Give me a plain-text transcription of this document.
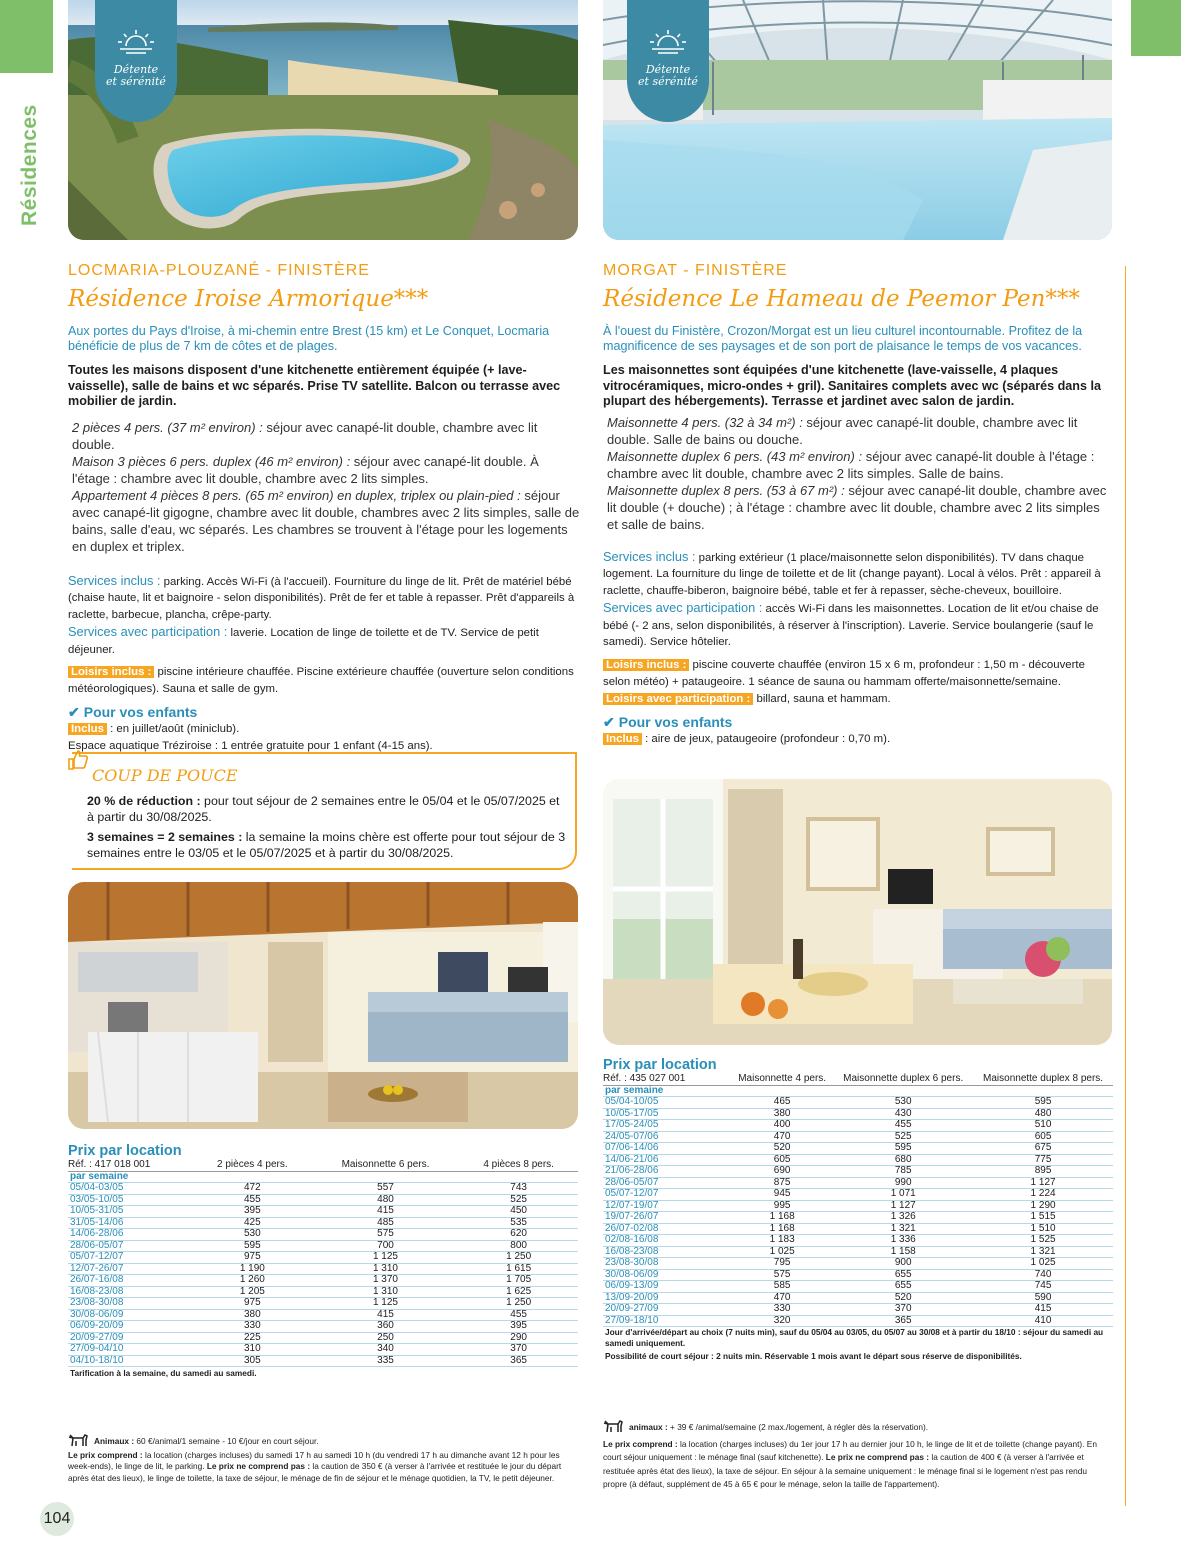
Résidences
Détente
et sérénité
Détente
et sérénité
LOCMARIA-PLOUZANÉ - FINISTÈRE
Résidence Iroise Armorique***

Aux portes du Pays d'Iroise, à mi-chemin entre Brest (15 km) et Le Conquet, Locmaria bénéficie de plus de 7 km de côtes et de plages.

Toutes les maisons disposent d'une kitchenette entièrement équipée (+ lave-vaisselle), salle de bains et wc séparés. Prise TV satellite. Balcon ou terrasse avec mobilier de jardin.

2 pièces 4 pers. (37 m² environ) : séjour avec canapé-lit double, chambre avec lit double.
Maison 3 pièces 6 pers. duplex (46 m² environ) : séjour avec canapé-lit double. À l'étage : chambre avec lit double, chambre avec 2 lits simples.
Appartement 4 pièces 8 pers. (65 m² environ) en duplex, triplex ou plain-pied : séjour avec canapé-lit gigogne, chambre avec lit double, chambres avec 2 lits simples, salle de bains, salle d'eau, wc séparés. Les chambres se trouvent à l'étage pour les logements en duplex et triplex.

Services inclus : parking. Accès Wi-Fi (à l'accueil). Fourniture du linge de lit. Prêt de matériel bébé (chaise haute, lit et baignoire - selon disponibilités). Prêt de fer et table à repasser. Prêt d'appareils à raclette, barbecue, plancha, crêpe-party.

Services avec participation : laverie. Location de linge de toilette et de TV. Service de petit déjeuner.

Loisirs inclus : piscine intérieure chauffée. Piscine extérieure chauffée (ouverture selon conditions météorologiques). Sauna et salle de gym.

✔ Pour vos enfants

Inclus : en juillet/août (miniclub).
Espace aquatique Tréziroise : 1 entrée gratuite pour 1 enfant (4-15 ans).

COUP DE POUCE

20 % de réduction : pour tout séjour de 2 semaines entre le 05/04 et le 05/07/2025 et à partir du 30/08/2025.

3 semaines = 2 semaines : la semaine la moins chère est offerte pour tout séjour de 3 semaines entre le 03/05 et le 05/07/2025 et à partir du 30/08/2025.

Prix par location
Réf. : 417 018 001	2 pièces 4 pers.	Maisonnette 6 pers.	4 pièces 8 pers.
par semaine			
05/04-03/05	472	557	743
03/05-10/05	455	480	525
10/05-31/05	395	415	450
31/05-14/06	425	485	535
14/06-28/06	530	575	620
28/06-05/07	595	700	800
05/07-12/07	975	1 125	1 250
12/07-26/07	1 190	1 310	1 615
26/07-16/08	1 260	1 370	1 705
16/08-23/08	1 205	1 310	1 625
23/08-30/08	975	1 125	1 250
30/08-06/09	380	415	455
06/09-20/09	330	360	395
20/09-27/09	225	250	290
27/09-04/10	310	340	370
04/10-18/10	305	335	365
Tarification à la semaine, du samedi au samedi.
Animaux : 60 €/animal/1 semaine - 10 €/jour en court séjour.
Le prix comprend : la location (charges incluses) du samedi 17 h au samedi 10 h (du vendredi 17 h au dimanche avant 12 h pour les week-ends), le linge de lit, le parking. Le prix ne comprend pas : la caution de 350 € (à verser à l'arrivée et restituée le jour du départ après état des lieux), le linge de toilette, la taxe de séjour, le ménage de fin de séjour et le ménage quotidien, la TV, le petit déjeuner.
MORGAT - FINISTÈRE
Résidence Le Hameau de Peemor Pen***

À l'ouest du Finistère, Crozon/Morgat est un lieu culturel incontournable. Profitez de la magnificence de ses paysages et de son port de plaisance le temps de vos vacances.

Les maisonnettes sont équipées d'une kitchenette (lave-vaisselle, 4 plaques vitrocéramiques, micro-ondes + gril). Sanitaires complets avec wc (séparés dans la plupart des hébergements). Terrasse et jardinet avec salon de jardin.

Maisonnette 4 pers. (32 à 34 m²) : séjour avec canapé-lit double, chambre avec lit double. Salle de bains ou douche.
Maisonnette duplex 6 pers. (43 m² environ) : séjour avec canapé-lit double à l'étage : chambre avec lit double, chambre avec 2 lits simples. Salle de bains.
Maisonnette duplex 8 pers. (53 à 67 m²) : séjour avec canapé-lit double, chambre avec lit double (+ douche) ; à l'étage : chambre avec lit double, chambre avec 2 lits simples et salle de bains.

Services inclus : parking extérieur (1 place/maisonnette selon disponibilités). TV dans chaque logement. La fourniture du linge de toilette et de lit (change payant). Local à vélos. Prêt : appareil à raclette, chauffe-biberon, baignoire bébé, table et fer à repasser, sèche-cheveux, bouilloire.

Services avec participation : accès Wi-Fi dans les maisonnettes. Location de lit et/ou chaise de bébé (- 2 ans, selon disponibilités, à réserver à l'inscription). Laverie. Service boulangerie (sauf le samedi). Service hôtelier.

Loisirs inclus : piscine couverte chauffée (environ 15 x 6 m, profondeur : 1,50 m - découverte selon météo) + pataugeoire. 1 séance de sauna ou hammam offerte/maisonnette/semaine.
Loisirs avec participation : billard, sauna et hammam.

✔ Pour vos enfants

Inclus : aire de jeux, pataugeoire (profondeur : 0,70 m).

Prix par location
Réf. : 435 027 001	Maisonnette 4 pers.	Maisonnette duplex 6 pers.	Maisonnette duplex 8 pers.
par semaine			
05/04-10/05	465	530	595
10/05-17/05	380	430	480
17/05-24/05	400	455	510
24/05-07/06	470	525	605
07/06-14/06	520	595	675
14/06-21/06	605	680	775
21/06-28/06	690	785	895
28/06-05/07	875	990	1 127
05/07-12/07	945	1 071	1 224
12/07-19/07	995	1 127	1 290
19/07-26/07	1 168	1 326	1 515
26/07-02/08	1 168	1 321	1 510
02/08-16/08	1 183	1 336	1 525
16/08-23/08	1 025	1 158	1 321
23/08-30/08	795	900	1 025
30/08-06/09	575	655	740
06/09-13/09	585	655	745
13/09-20/09	470	520	590
20/09-27/09	330	370	415
27/09-18/10	320	365	410
Jour d'arrivée/départ au choix (7 nuits min), sauf du 05/04 au 03/05, du 05/07 au 30/08 et à partir du 18/10 : séjour du samedi au samedi uniquement.
Possibilité de court séjour : 2 nuits min. Réservable 1 mois avant le départ sous réserve de disponibilités.
animaux : + 39 € /animal/semaine (2 max./logement, à régler dès la réservation).
Le prix comprend : la location (charges incluses) du 1er jour 17 h au dernier jour 10 h, le linge de lit et de toilette (change payant). En court séjour uniquement : le ménage final (sauf kitchenette). Le prix ne comprend pas : la caution de 400 € (à verser à l'arrivée et restituée après état des lieux), la taxe de séjour. En séjour à la semaine uniquement : le ménage final si le logement n'est pas rendu propre (à défaut, supplément de 45 à 65 € pour le ménage, selon la taille de l'appartement).
104
